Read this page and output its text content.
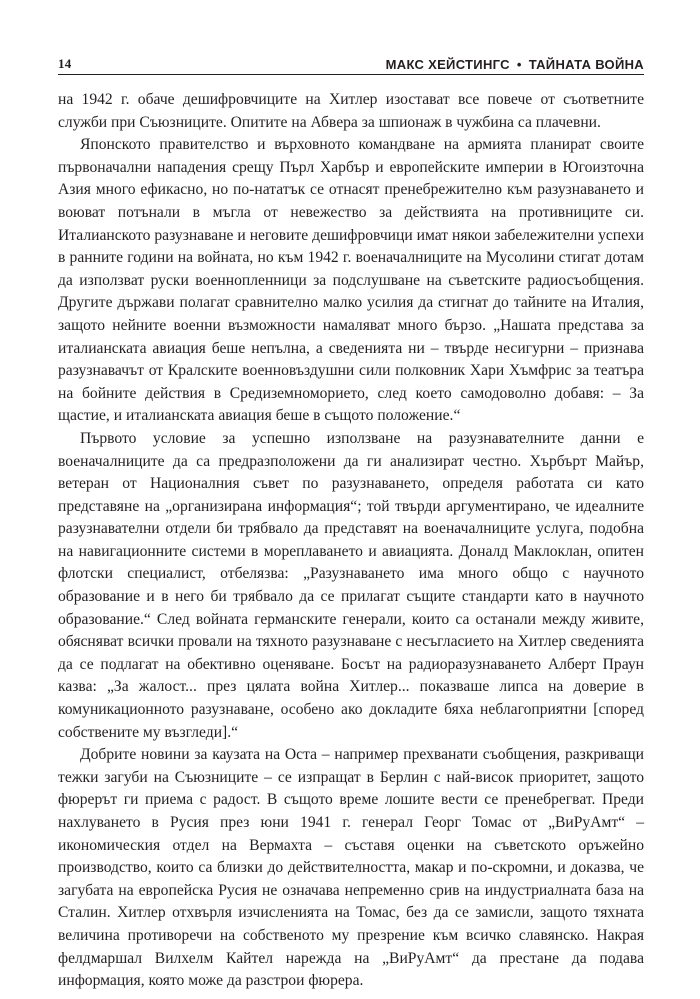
14	МАКС ХЕЙСТИНГС • ТАЙНАТА ВОЙНА

на 1942 г. обаче дешифровчиците на Хитлер изостават все повече от съответните служби при Съюзниците. Опитите на Абвера за шпионаж в чужбина са плачевни.

Японското правителство и върховното командване на армията планират своите първоначални нападения срещу Пърл Харбър и европейските империи в Югоизточна Азия много ефикасно, но по-нататък се отнасят пренебрежително към разузнаването и воюват потънали в мъгла от невежество за действията на противниците си. Италианското разузнаване и неговите дешифровчици имат някои забележителни успехи в ранните години на войната, но към 1942 г. военачалниците на Мусолини стигат дотам да използват руски военнопленници за подслушване на съветските радиосъобщения. Другите държави полагат сравнително малко усилия да стигнат до тайните на Италия, защото нейните военни възможности намаляват много бързо. „Нашата представа за италианската авиация беше непълна, а сведенията ни – твърде несигурни – признава разузнавачът от Кралските военновъздушни сили полковник Хари Хъмфрис за театъра на бойните действия в Средиземноморието, след което самодоволно добавя: – За щастие, и италианската авиация беше в същото положение.“

Първото условие за успешно използване на разузнавателните данни е военачалниците да са предразположени да ги анализират честно. Хърбърт Майър, ветеран от Националния съвет по разузнаването, определя работата си като представяне на „организирана информация“; той твърди аргументирано, че идеалните разузнавателни отдели би трябвало да представят на военачалниците услуга, подобна на навигационните системи в мореплаването и авиацията. Доналд Маклоклан, опитен флотски специалист, отбелязва: „Разузнаването има много общо с научното образование и в него би трябвало да се прилагат същите стандарти като в научното образование.“ След войната германските генерали, които са останали между живите, обясняват всички провали на тяхното разузнаване с несъгласието на Хитлер сведенията да се подлагат на обективно оценяване. Босът на радиоразузнаването Алберт Праун казва: „За жалост... през цялата война Хитлер... показваше липса на доверие в комуникационното разузнаване, особено ако докладите бяха неблагоприятни [според собствените му възгледи].“

Добрите новини за каузата на Оста – например прехванати съобщения, разкриващи тежки загуби на Съюзниците – се изпращат в Берлин с най-висок приоритет, защото фюрерът ги приема с радост. В същото време лошите вести се пренебрегват. Преди нахлуването в Русия през юни 1941 г. генерал Георг Томас от „ВиРуАмт“ – икономическия отдел на Вермахта – съставя оценки на съветското оръжейно производство, които са близки до действителността, макар и по-скромни, и доказва, че загубата на европейска Русия не означава непременно срив на индустриалната база на Сталин. Хитлер отхвърля изчисленията на Томас, без да се замисли, защото тяхната величина противоречи на собственото му презрение към всичко славянско. Накрая фелдмаршал Вилхелм Кайтел нарежда на „ВиРуАмт“ да престане да подава информация, която може да разстрои фюрера.
